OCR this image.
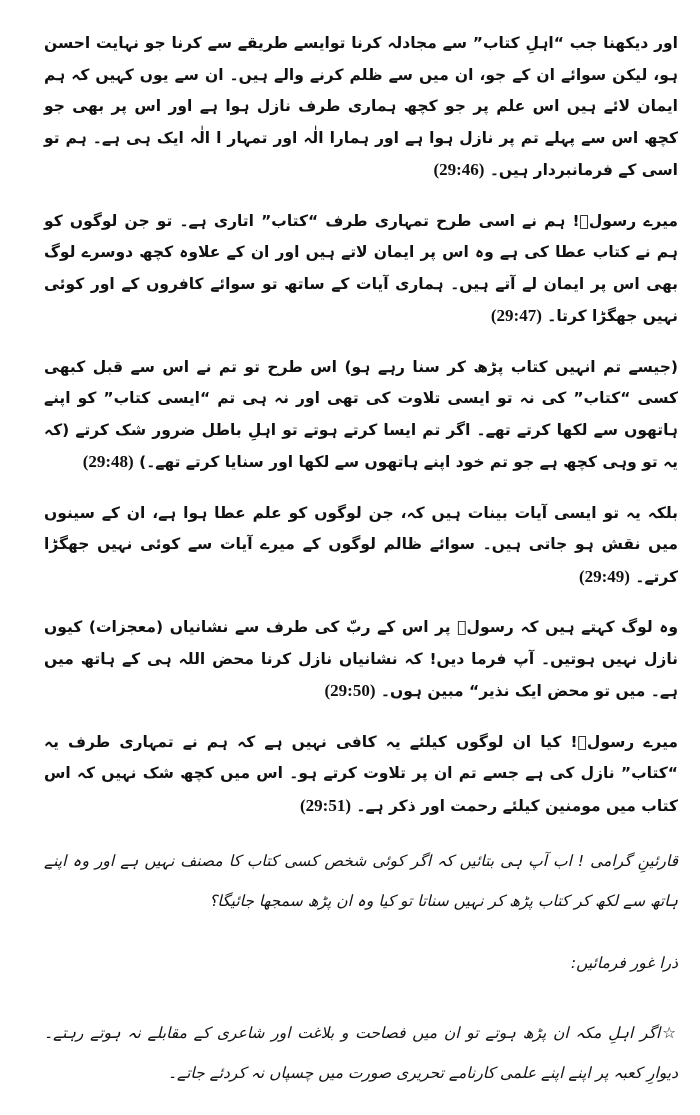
اور دیکھنا جب “اہلِ کتاب” سے مجادلہ کرنا توایسے طریقے سے کرنا جو نہایت احسن ہو، لیکن سوائے ان کے جو، ان میں سے ظلم کرنے والے ہیں۔ ان سے یوں کہیں کہ ہم ایمان لائے ہیں اس علم پر جو کچھ ہماری طرف نازل ہوا ہے اور اس پر بھی جو کچھ اس سے پہلے تم پر نازل ہوا ہے اور ہمارا الٰہ اور تمہار ا الٰہ ایک ہی ہے۔ ہم تو اسی کے فرمانبردار ہیں۔ (29:46)

میرے رسولؐ! ہم نے اسی طرح تمہاری طرف “کتاب” اتاری ہے۔ تو جن لوگوں کو ہم نے کتاب عطا کی ہے وہ اس پر ایمان لاتے ہیں اور ان کے علاوہ کچھ دوسرے لوگ بھی اس پر ایمان لے آتے ہیں۔ ہماری آیات کے ساتھ تو سوائے کافروں کے اور کوئی نہیں جھگڑا کرتا۔ (29:47)

(جیسے تم انہیں کتاب پڑھ کر سنا رہے ہو) اس طرح تو تم نے اس سے قبل کبھی کسی “کتاب” کی نہ تو ایسی تلاوت کی تھی اور نہ ہی تم “ایسی کتاب” کو اپنے ہاتھوں سے لکھا کرتے تھے۔ اگر تم ایسا کرتے ہوتے تو اہلِ باطل ضرور شک کرتے (کہ یہ تو وہی کچھ ہے جو تم خود اپنے ہاتھوں سے لکھا اور سنایا کرتے تھے۔) (29:48)

بلکہ یہ تو ایسی آیات بینات ہیں کہ، جن لوگوں کو علم عطا ہوا ہے، ان کے سینوں میں نقش ہو جاتی ہیں۔ سوائے ظالم لوگوں کے میرے آیات سے کوئی نہیں جھگڑا کرتے۔ (29:49)

وہ لوگ کہتے ہیں کہ رسولؐ پر اس کے ربّ کی طرف سے نشانیاں (معجزات) کیوں نازل نہیں ہوتیں۔ آپ فرما دیں! کہ نشانیاں نازل کرنا محض اللہ ہی کے ہاتھ میں ہے۔ میں تو محض ایک نذیر“ مبین ہوں۔ (29:50)

میرے رسولؐ! کیا ان لوگوں کیلئے یہ کافی نہیں ہے کہ ہم نے تمہاری طرف یہ “کتاب” نازل کی ہے جسے تم ان پر تلاوت کرتے ہو۔ اس میں کچھ شک نہیں کہ اس کتاب میں مومنین کیلئے رحمت اور ذکر ہے۔ (29:51)

قارئینِ گرامی ! اب آپ ہی بتائیں کہ اگر کوئی شخص کسی کتاب کا مصنف نہیں ہے اور وہ اپنے ہاتھ سے لکھ کر کتاب پڑھ کر نہیں سناتا تو کیا وہ ان پڑھ سمجھا جائیگا؟

ذرا غور فرمائیں:

☆اگر اہلِ مکہ ان پڑھ ہوتے تو ان میں فصاحت و بلاغت اور شاعری کے مقابلے نہ ہوتے رہتے۔ دیوارِ کعبہ پر اپنے اپنے علمی کارنامے تحریری صورت میں چسپاں نہ کردئے جاتے۔
